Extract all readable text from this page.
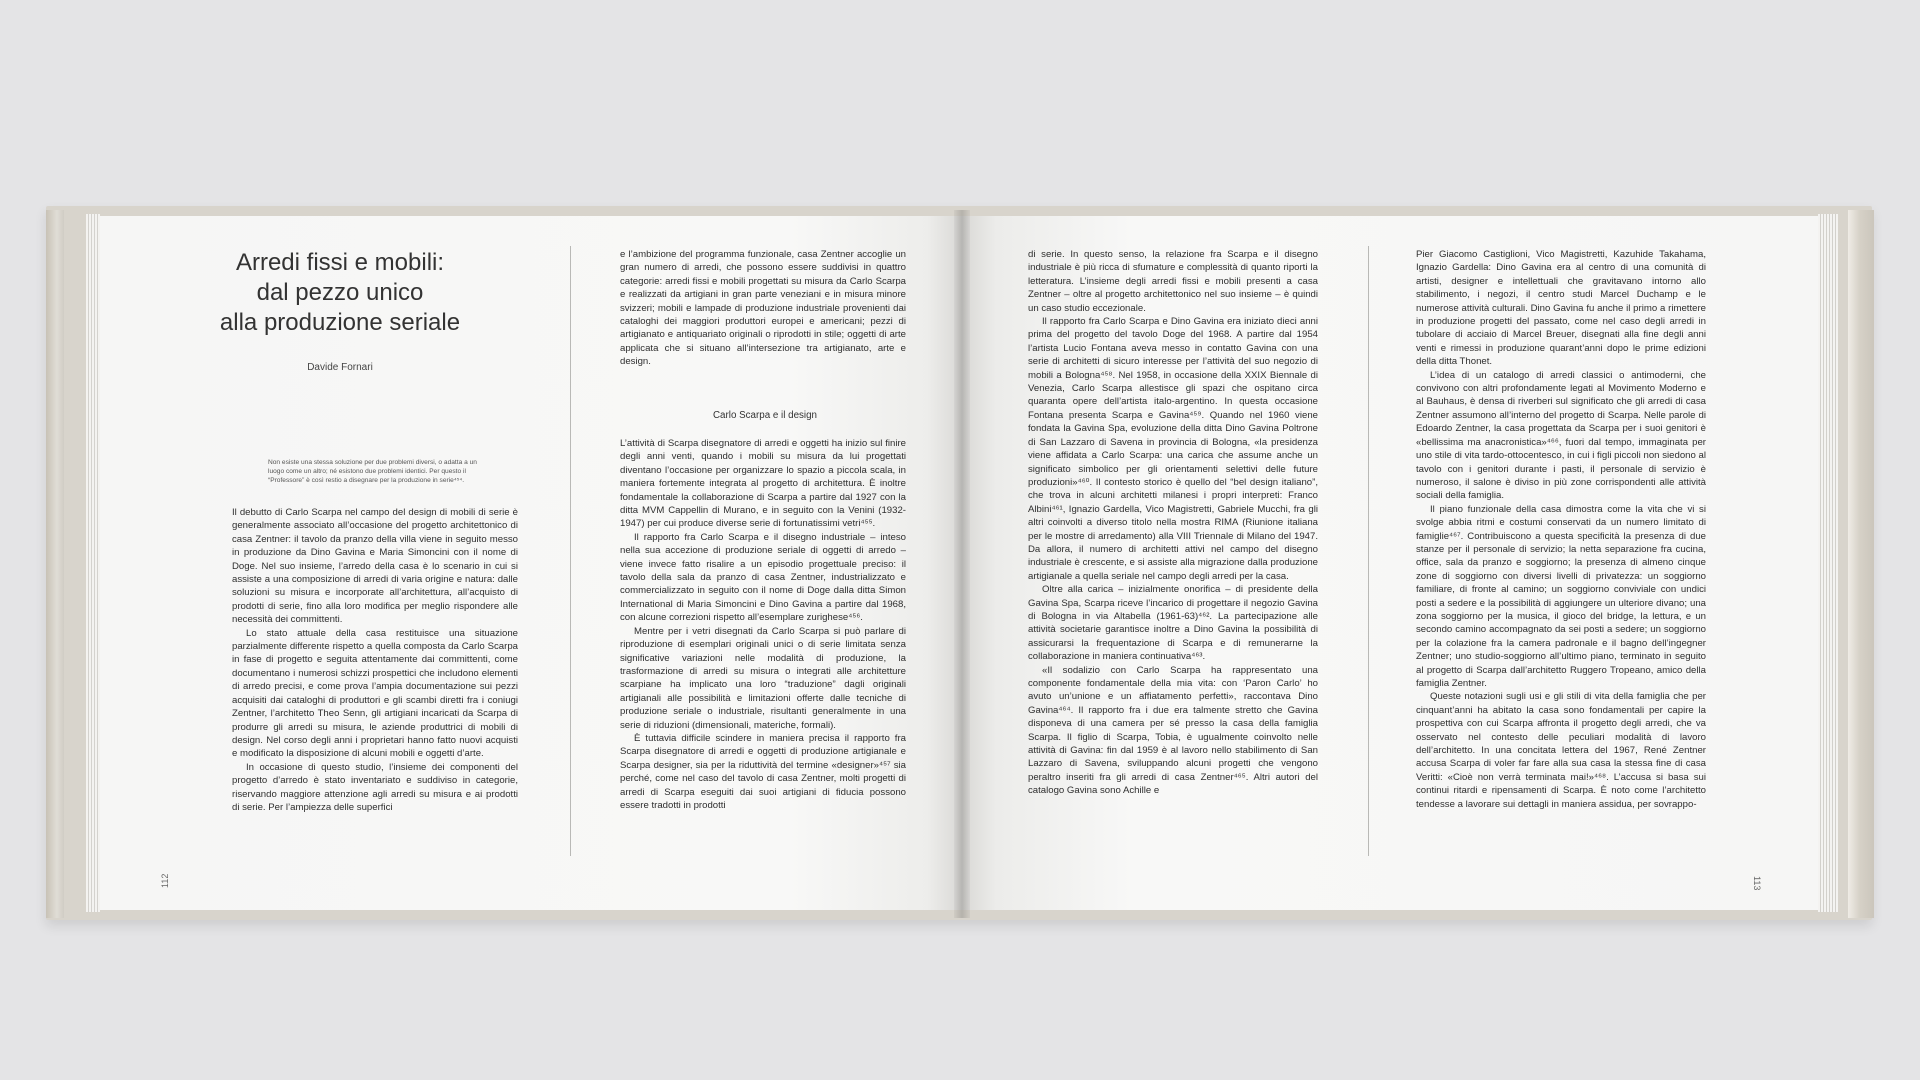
Arredi fissi e mobili:
dal pezzo unico
alla produzione seriale
Davide Fornari
Non esiste una stessa soluzione per due problemi diversi, o adatta a un luogo come un altro; né esistono due problemi identici. Per questo il “Professore” è così restio a disegnare per la produzione in serie⁴⁵⁴.

Il debutto di Carlo Scarpa nel campo del design di mobili di serie è generalmente associato all’occasione del progetto architettonico di casa Zentner: il tavolo da pranzo della villa viene in seguito messo in produzione da Dino Gavina e Maria Simoncini con il nome di Doge. Nel suo insieme, l’arredo della casa è lo scenario in cui si assiste a una composizione di arredi di varia origine e natura: dalle soluzioni su misura e incorporate all’architettura, all’acquisto di prodotti di serie, fino alla loro modifica per meglio rispondere alle necessità dei committenti.

Lo stato attuale della casa restituisce una situazione parzialmente differente rispetto a quella composta da Carlo Scarpa in fase di progetto e seguita attentamente dai committenti, come documentano i numerosi schizzi prospettici che includono elementi di arredo precisi, e come prova l’ampia documentazione sui pezzi acquisiti dai cataloghi di produttori e gli scambi diretti fra i coniugi Zentner, l’architetto Theo Senn, gli artigiani incaricati da Scarpa di produrre gli arredi su misura, le aziende produttrici di mobili di design. Nel corso degli anni i proprietari hanno fatto nuovi acquisti e modificato la disposizione di alcuni mobili e oggetti d’arte.

In occasione di questo studio, l’insieme dei componenti del progetto d’arredo è stato inventariato e suddiviso in categorie, riservando maggiore attenzione agli arredi su misura e ai prodotti di serie. Per l’ampiezza delle superfici

e l’ambizione del programma funzionale, casa Zentner accoglie un gran numero di arredi, che possono essere suddivisi in quattro categorie: arredi fissi e mobili progettati su misura da Carlo Scarpa e realizzati da artigiani in gran parte veneziani e in misura minore svizzeri; mobili e lampade di produzione industriale provenienti dai cataloghi dei maggiori produttori europei e americani; pezzi di artigianato e antiquariato originali o riprodotti in stile; oggetti di arte applicata che si situano all’intersezione tra artigianato, arte e design.

Carlo Scarpa e il design

L’attività di Scarpa disegnatore di arredi e oggetti ha inizio sul finire degli anni venti, quando i mobili su misura da lui progettati diventano l’occasione per organizzare lo spazio a piccola scala, in maniera fortemente integrata al progetto di architettura. È inoltre fondamentale la collaborazione di Scarpa a partire dal 1927 con la ditta MVM Cappellin di Murano, e in seguito con la Venini (1932-1947) per cui produce diverse serie di fortunatissimi vetri⁴⁵⁵.

Il rapporto fra Carlo Scarpa e il disegno industriale – inteso nella sua accezione di produzione seriale di oggetti di arredo – viene invece fatto risalire a un episodio progettuale preciso: il tavolo della sala da pranzo di casa Zentner, industrializzato e commercializzato in seguito con il nome di Doge dalla ditta Simon International di Maria Simoncini e Dino Gavina a partire dal 1968, con alcune correzioni rispetto all’esemplare zurighese⁴⁵⁶.

Mentre per i vetri disegnati da Carlo Scarpa si può parlare di riproduzione di esemplari originali unici o di serie limitata senza significative variazioni nelle modalità di produzione, la trasformazione di arredi su misura o integrati alle architetture scarpiane ha implicato una loro “traduzione” dagli originali artigianali alle possibilità e limitazioni offerte dalle tecniche di produzione seriale o industriale, risultanti generalmente in una serie di riduzioni (dimensionali, materiche, formali).

È tuttavia difficile scindere in maniera precisa il rapporto fra Scarpa disegnatore di arredi e oggetti di produzione artigianale e Scarpa designer, sia per la riduttività del termine «designer»⁴⁵⁷ sia perché, come nel caso del tavolo di casa Zentner, molti progetti di arredi di Scarpa eseguiti dai suoi artigiani di fiducia possono essere tradotti in prodotti

112

di serie. In questo senso, la relazione fra Scarpa e il disegno industriale è più ricca di sfumature e complessità di quanto riporti la letteratura. L’insieme degli arredi fissi e mobili presenti a casa Zentner – oltre al progetto architettonico nel suo insieme – è quindi un caso studio eccezionale.

Il rapporto fra Carlo Scarpa e Dino Gavina era iniziato dieci anni prima del progetto del tavolo Doge del 1968. A partire dal 1954 l’artista Lucio Fontana aveva messo in contatto Gavina con una serie di architetti di sicuro interesse per l’attività del suo negozio di mobili a Bologna⁴⁵⁸. Nel 1958, in occasione della XXIX Biennale di Venezia, Carlo Scarpa allestisce gli spazi che ospitano circa quaranta opere dell’artista italo-argentino. In questa occasione Fontana presenta Scarpa e Gavina⁴⁵⁹. Quando nel 1960 viene fondata la Gavina Spa, evoluzione della ditta Dino Gavina Poltrone di San Lazzaro di Savena in provincia di Bologna, «la presidenza viene affidata a Carlo Scarpa: una carica che assume anche un significato simbolico per gli orientamenti selettivi delle future produzioni»⁴⁶⁰. Il contesto storico è quello del “bel design italiano”, che trova in alcuni architetti milanesi i propri interpreti: Franco Albini⁴⁶¹, Ignazio Gardella, Vico Magistretti, Gabriele Mucchi, fra gli altri coinvolti a diverso titolo nella mostra RIMA (Riunione italiana per le mostre di arredamento) alla VIII Triennale di Milano del 1947. Da allora, il numero di architetti attivi nel campo del disegno industriale è crescente, e si assiste alla migrazione dalla produzione artigianale a quella seriale nel campo degli arredi per la casa.

Oltre alla carica – inizialmente onorifica – di presidente della Gavina Spa, Scarpa riceve l’incarico di progettare il negozio Gavina di Bologna in via Altabella (1961-63)⁴⁶². La partecipazione alle attività societarie garantisce inoltre a Dino Gavina la possibilità di assicurarsi la frequentazione di Scarpa e di remunerarne la collaborazione in maniera continuativa⁴⁶³.

«Il sodalizio con Carlo Scarpa ha rappresentato una componente fondamentale della mia vita: con ‘Paron Carlo’ ho avuto un’unione e un affiatamento perfetti», raccontava Dino Gavina⁴⁶⁴. Il rapporto fra i due era talmente stretto che Gavina disponeva di una camera per sé presso la casa della famiglia Scarpa. Il figlio di Scarpa, Tobia, è ugualmente coinvolto nelle attività di Gavina: fin dal 1959 è al lavoro nello stabilimento di San Lazzaro di Savena, sviluppando alcuni progetti che vengono peraltro inseriti fra gli arredi di casa Zentner⁴⁶⁵. Altri autori del catalogo Gavina sono Achille e

Pier Giacomo Castiglioni, Vico Magistretti, Kazuhide Takahama, Ignazio Gardella: Dino Gavina era al centro di una comunità di artisti, designer e intellettuali che gravitavano intorno allo stabilimento, i negozi, il centro studi Marcel Duchamp e le numerose attività culturali. Dino Gavina fu anche il primo a rimettere in produzione progetti del passato, come nel caso degli arredi in tubolare di acciaio di Marcel Breuer, disegnati alla fine degli anni venti e rimessi in produzione quarant’anni dopo le prime edizioni della ditta Thonet.

L’idea di un catalogo di arredi classici o antimoderni, che convivono con altri profondamente legati al Movimento Moderno e al Bauhaus, è densa di riverberi sul significato che gli arredi di casa Zentner assumono all’interno del progetto di Scarpa. Nelle parole di Edoardo Zentner, la casa progettata da Scarpa per i suoi genitori è «bellissima ma anacronistica»⁴⁶⁶, fuori dal tempo, immaginata per uno stile di vita tardo-ottocentesco, in cui i figli piccoli non siedono al tavolo con i genitori durante i pasti, il personale di servizio è numeroso, il salone è diviso in più zone corrispondenti alle attività sociali della famiglia.

Il piano funzionale della casa dimostra come la vita che vi si svolge abbia ritmi e costumi conservati da un numero limitato di famiglie⁴⁶⁷. Contribuiscono a questa specificità la presenza di due stanze per il personale di servizio; la netta separazione fra cucina, office, sala da pranzo e soggiorno; la presenza di almeno cinque zone di soggiorno con diversi livelli di privatezza: un soggiorno familiare, di fronte al camino; un soggiorno conviviale con undici posti a sedere e la possibilità di aggiungere un ulteriore divano; una zona soggiorno per la musica, il gioco del bridge, la lettura, e un secondo camino accompagnato da sei posti a sedere; un soggiorno per la colazione fra la camera padronale e il bagno dell’ingegner Zentner; uno studio-soggiorno all’ultimo piano, terminato in seguito al progetto di Scarpa dall’architetto Ruggero Tropeano, amico della famiglia Zentner.

Queste notazioni sugli usi e gli stili di vita della famiglia che per cinquant’anni ha abitato la casa sono fondamentali per capire la prospettiva con cui Scarpa affronta il progetto degli arredi, che va osservato nel contesto delle peculiari modalità di lavoro dell’architetto. In una concitata lettera del 1967, René Zentner accusa Scarpa di voler far fare alla sua casa la stessa fine di casa Veritti: «Cioè non verrà terminata mai!»⁴⁶⁸. L’accusa si basa sui continui ritardi e ripensamenti di Scarpa. È noto come l’architetto tendesse a lavorare sui dettagli in maniera assidua, per sovrappo-

113
